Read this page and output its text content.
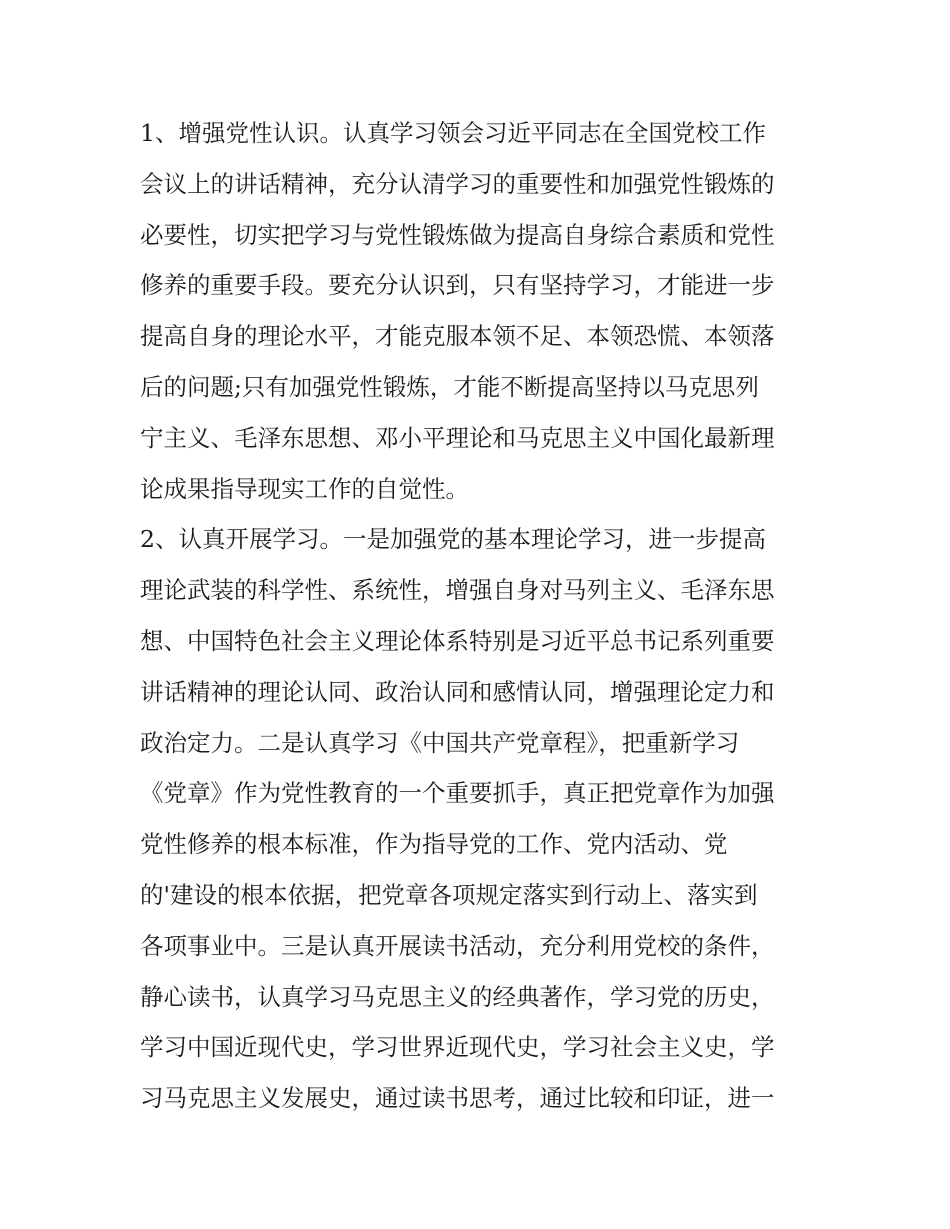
1、增强党性认识。认真学习领会习近平同志在全国党校工作
会议上的讲话精神，充分认清学习的重要性和加强党性锻炼的
必要性，切实把学习与党性锻炼做为提高自身综合素质和党性
修养的重要手段。要充分认识到，只有坚持学习，才能进一步
提高自身的理论水平，才能克服本领不足、本领恐慌、本领落
后的问题;只有加强党性锻炼，才能不断提高坚持以马克思列
宁主义、毛泽东思想、邓小平理论和马克思主义中国化最新理
论成果指导现实工作的自觉性。
2、认真开展学习。一是加强党的基本理论学习，进一步提高
理论武装的科学性、系统性，增强自身对马列主义、毛泽东思
想、中国特色社会主义理论体系特别是习近平总书记系列重要
讲话精神的理论认同、政治认同和感情认同，增强理论定力和
政治定力。二是认真学习《中国共产党章程》，把重新学习
《党章》作为党性教育的一个重要抓手，真正把党章作为加强
党性修养的根本标准，作为指导党的工作、党内活动、党
的'建设的根本依据，把党章各项规定落实到行动上、落实到
各项事业中。三是认真开展读书活动，充分利用党校的条件，
静心读书，认真学习马克思主义的经典著作，学习党的历史，
学习中国近现代史，学习世界近现代史，学习社会主义史，学
习马克思主义发展史，通过读书思考，通过比较和印证，进一
